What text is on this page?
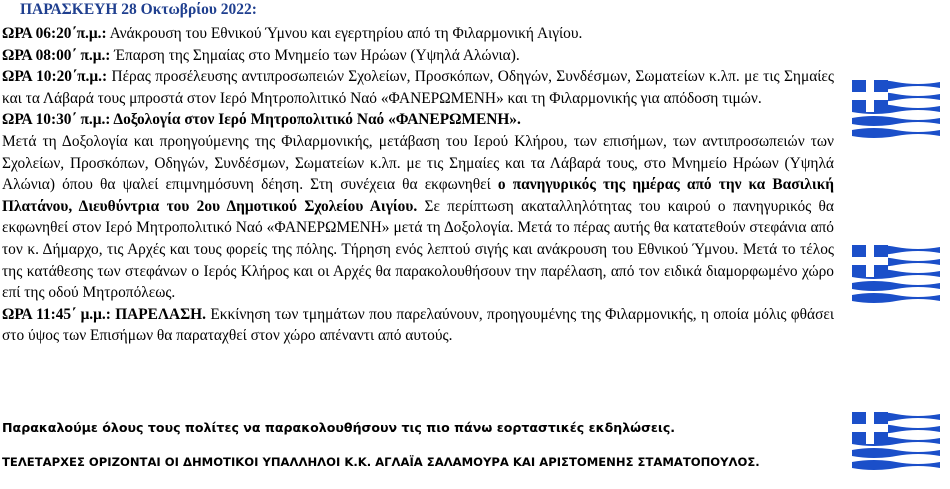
ΠΑΡΑΣΚΕΥΗ 28 Οκτωβρίου 2022:

ΩΡΑ 06:20΄π.μ.: Ανάκρουση του Εθνικού Ύμνου και εγερτηρίου από τη Φιλαρμονική Αιγίου.

ΩΡΑ 08:00΄ π.μ.: Έπαρση της Σημαίας στο Μνημείο των Ηρώων (Υψηλά Αλώνια).

ΩΡΑ 10:20΄π.μ.: Πέρας προσέλευσης αντιπροσωπειών Σχολείων, Προσκόπων, Οδηγών, Συνδέσμων, Σωματείων κ.λπ. με τις Σημαίες και τα Λάβαρά τους μπροστά στον Ιερό Μητροπολιτικό Ναό «ΦΑΝΕΡΩΜΕΝΗ» και τη Φιλαρμονικής για απόδοση τιμών.

ΩΡΑ 10:30΄ π.μ.: Δοξολογία στον Ιερό Μητροπολιτικό Ναό «ΦΑΝΕΡΩΜΕΝΗ».

Μετά τη Δοξολογία και προηγούμενης της Φιλαρμονικής, μετάβαση του Ιερού Κλήρου, των επισήμων, των αντιπροσωπειών των Σχολείων, Προσκόπων, Οδηγών, Συνδέσμων, Σωματείων κ.λπ. με τις Σημαίες και τα Λάβαρά τους, στο Μνημείο Ηρώων (Υψηλά Αλώνια) όπου θα ψαλεί επιμνημόσυνη δέηση. Στη συνέχεια θα εκφωνηθεί ο πανηγυρικός της ημέρας από την κα Βασιλική Πλατάνου, Διευθύντρια του 2ου Δημοτικού Σχολείου Αιγίου. Σε περίπτωση ακαταλληλότητας του καιρού ο πανηγυρικός θα εκφωνηθεί στον Ιερό Μητροπολιτικό Ναό «ΦΑΝΕΡΩΜΕΝΗ» μετά τη Δοξολογία. Μετά το πέρας αυτής θα κατατεθούν στεφάνια από τον κ. Δήμαρχο, τις Αρχές και τους φορείς της πόλης. Τήρηση ενός λεπτού σιγής και ανάκρουση του Εθνικού Ύμνου. Μετά το τέλος της κατάθεσης των στεφάνων ο Ιερός Κλήρος και οι Αρχές θα παρακολουθήσουν την παρέλαση, από τον ειδικά διαμορφωμένο χώρο επί της οδού Μητροπόλεως.

ΩΡΑ 11:45΄ μ.μ.: ΠΑΡΕΛΑΣΗ. Εκκίνηση των τμημάτων που παρελαύνουν, προηγουμένης της Φιλαρμονικής, η οποία μόλις φθάσει στο ύψος των Επισήμων θα παραταχθεί στον χώρο απέναντι από αυτούς.

Παρακαλούμε όλους τους πολίτες να παρακολουθήσουν τις πιο πάνω εορταστικές εκδηλώσεις.
ΤΕΛΕΤΑΡΧΕΣ ΟΡΙΖΟΝΤΑΙ ΟΙ ΔΗΜΟΤΙΚΟΙ ΥΠΑΛΛΗΛΟΙ Κ.Κ. ΑΓΛΑΪΑ ΣΑΛΑΜΟΥΡΑ ΚΑΙ ΑΡΙΣΤΟΜΕΝΗΣ ΣΤΑΜΑΤΟΠΟΥΛΟΣ.
